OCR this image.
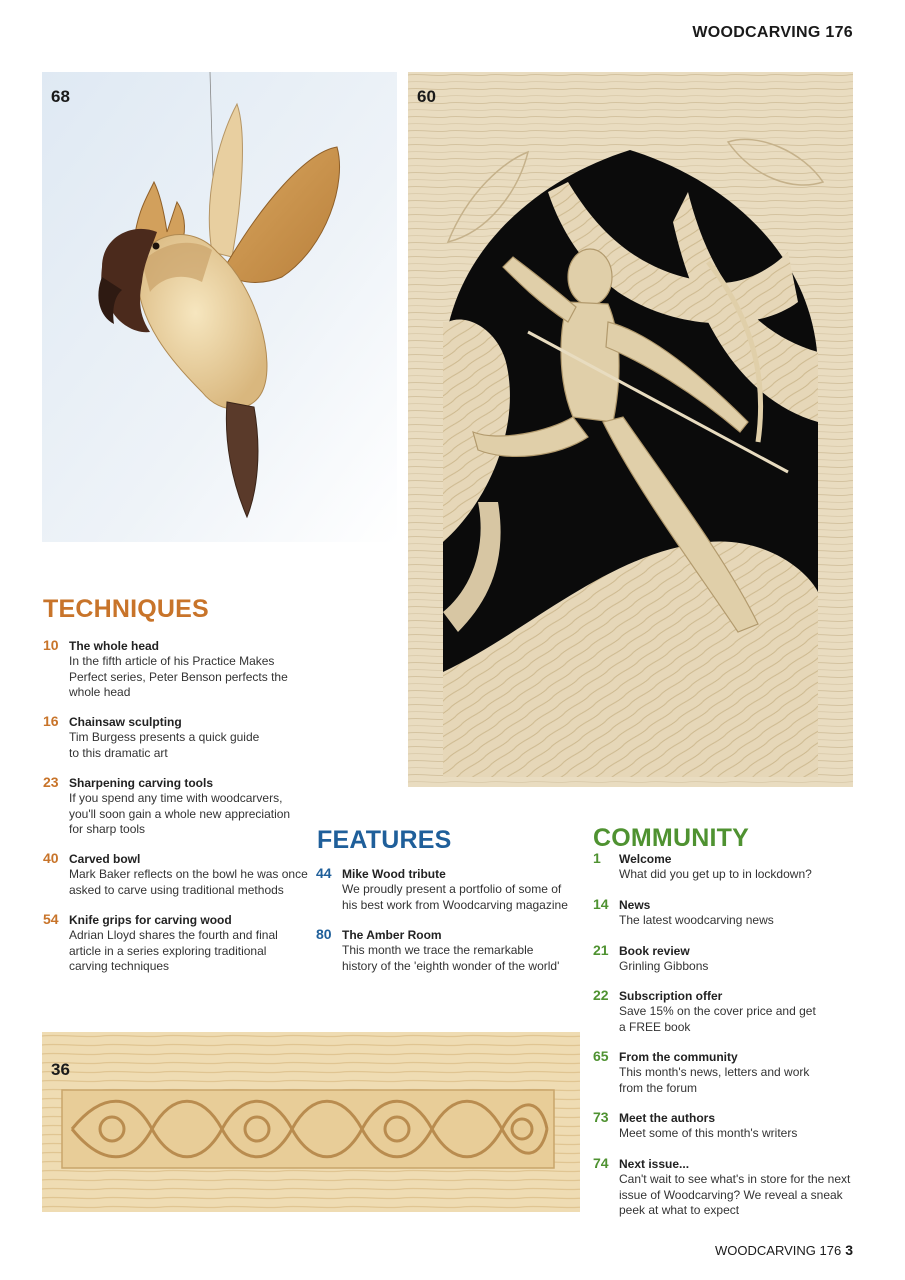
WOODCARVING 176
68	60
36
TECHNIQUES
10 The whole head
In the fifth article of his Practice Makes
Perfect series, Peter Benson perfects the
whole head
16 Chainsaw sculpting
Tim Burgess presents a quick guide
to this dramatic art
23 Sharpening carving tools
If you spend any time with woodcarvers,
you'll soon gain a whole new appreciation
for sharp tools
40 Carved bowl
Mark Baker reflects on the bowl he was once
asked to carve using traditional methods
54 Knife grips for carving wood
Adrian Lloyd shares the fourth and final
article in a series exploring traditional
carving techniques
FEATURES
44 Mike Wood tribute
We proudly present a portfolio of some of
his best work from Woodcarving magazine
80 The Amber Room
This month we trace the remarkable
history of the 'eighth wonder of the world'
COMMUNITY
1 Welcome
What did you get up to in lockdown?
14 News
The latest woodcarving news
21 Book review
Grinling Gibbons
22 Subscription offer
Save 15% on the cover price and get
a FREE book
65 From the community
This month's news, letters and work
from the forum
73 Meet the authors
Meet some of this month's writers
74 Next issue...
Can't wait to see what's in store for the next
issue of Woodcarving? We reveal a sneak
peek at what to expect
WOODCARVING 176 3
